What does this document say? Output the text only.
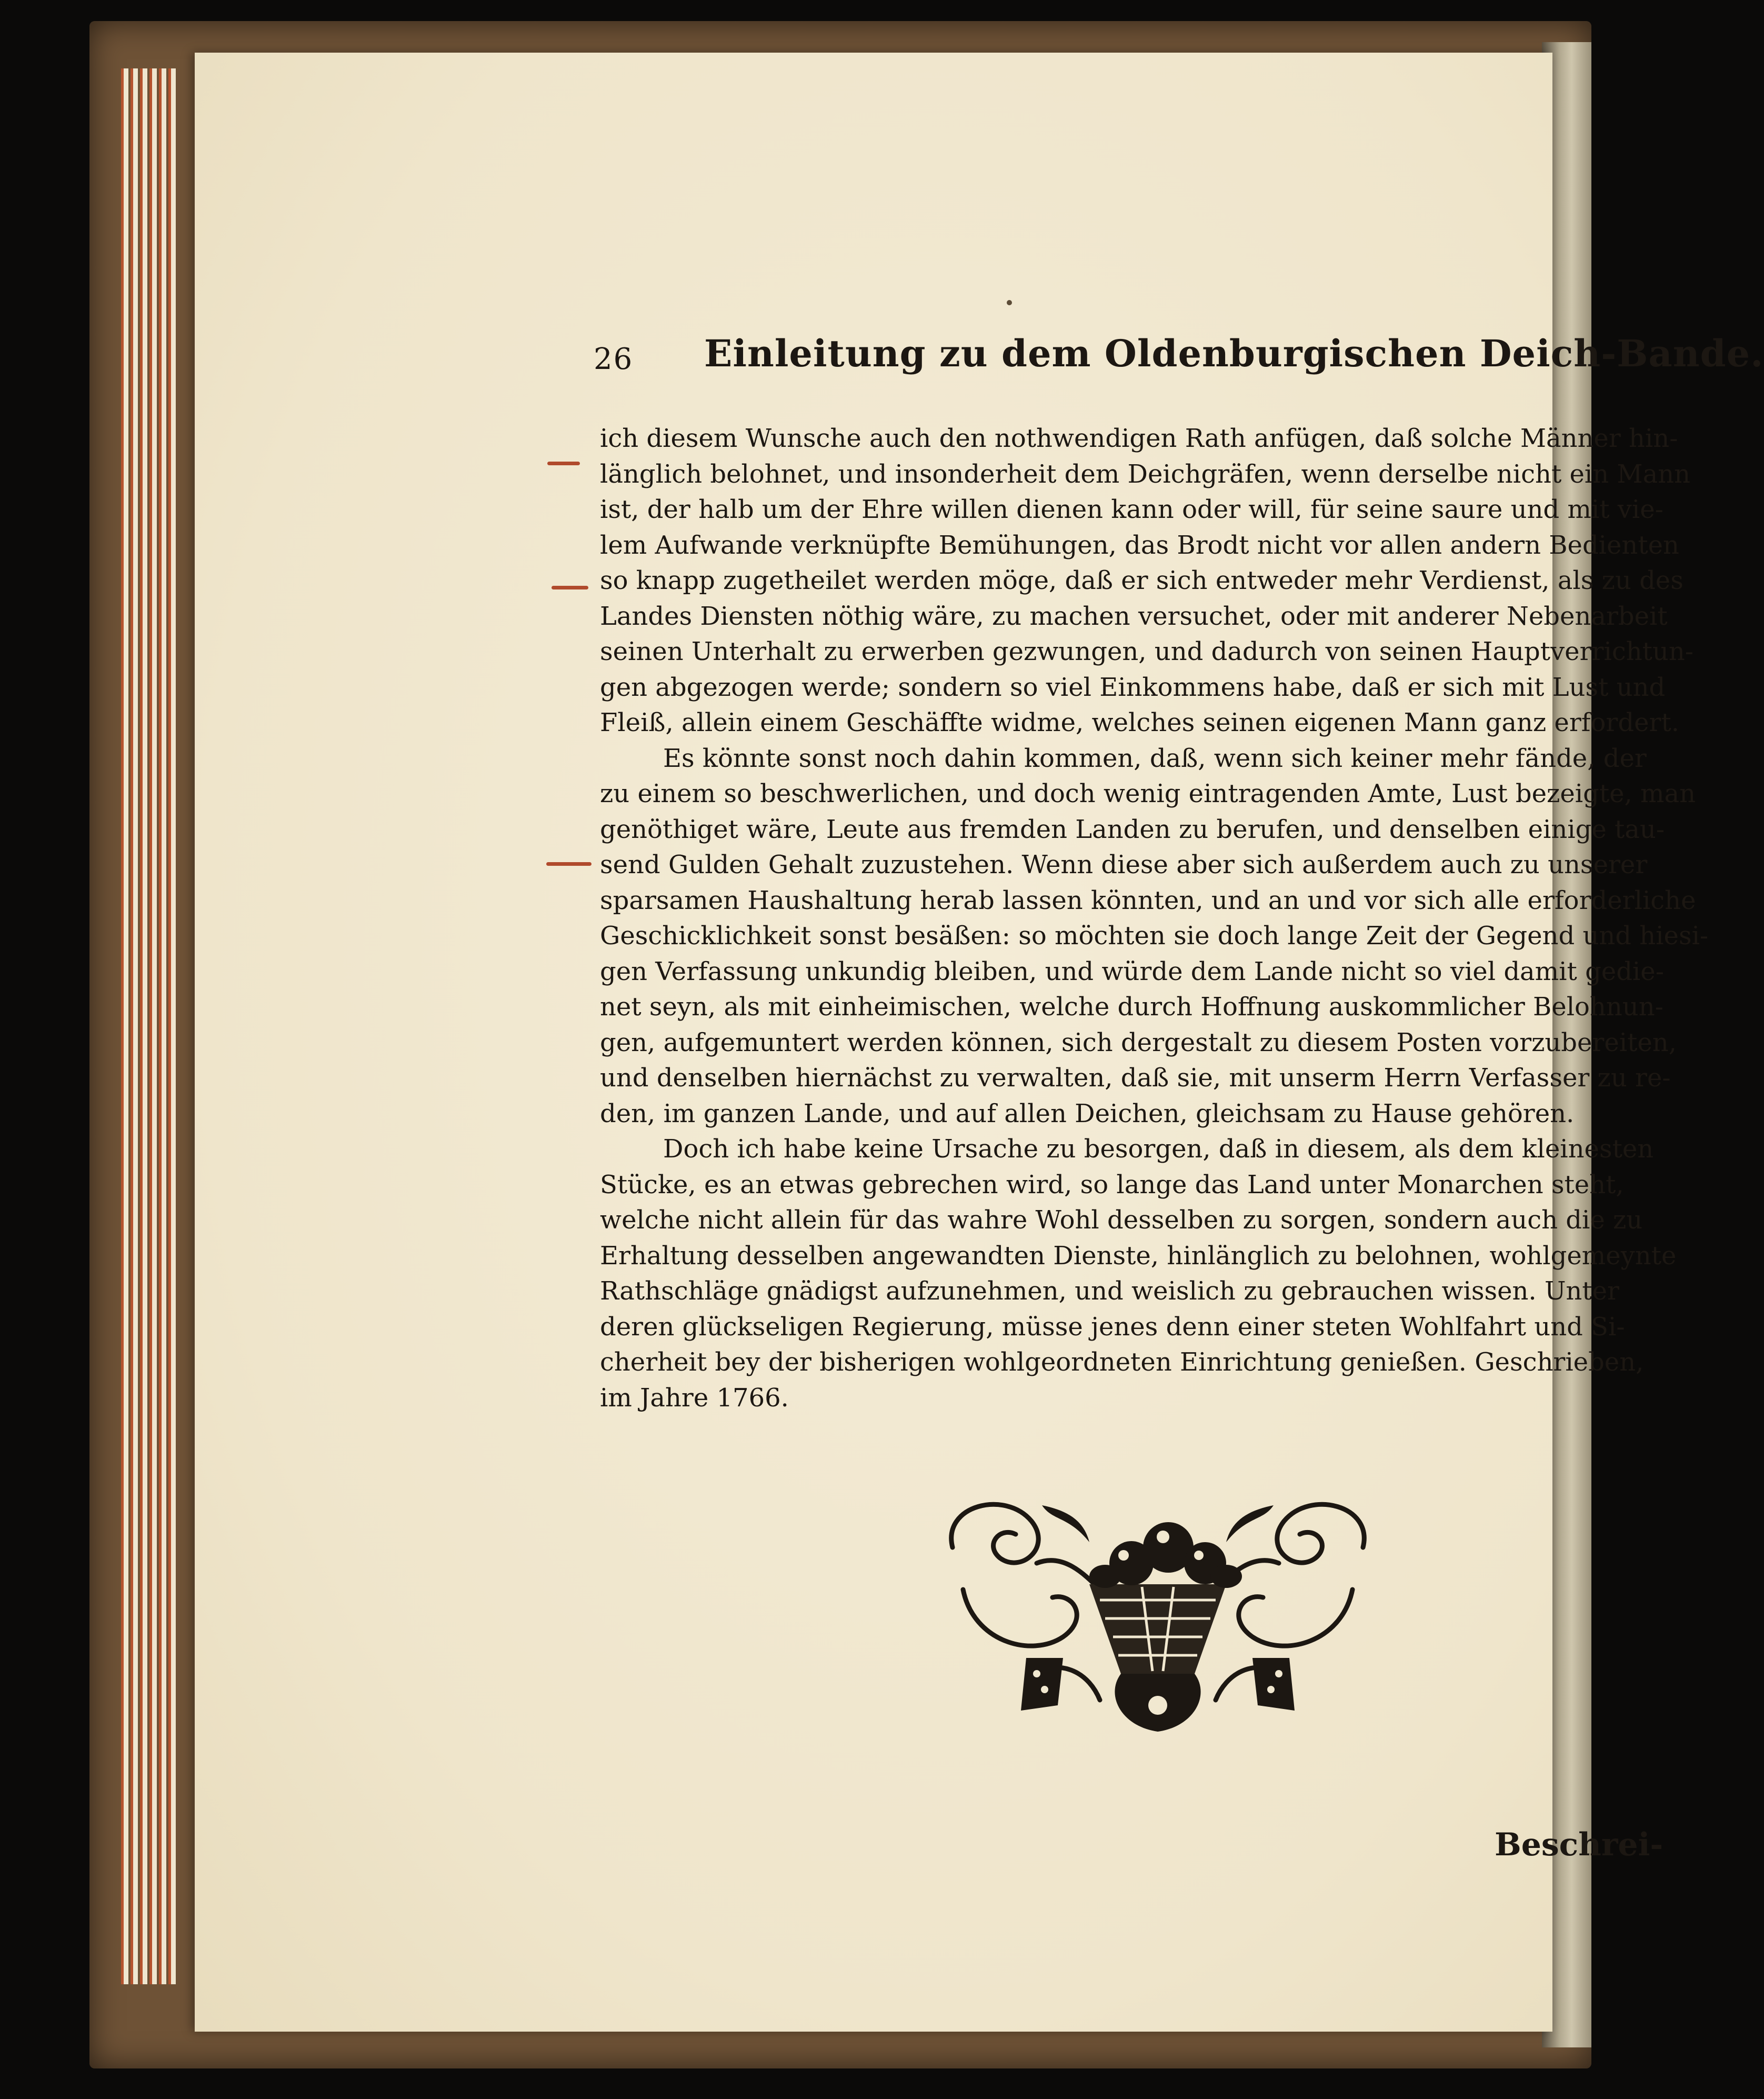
26 Einleitung zu dem Oldenburgischen Deich-Bande.
ich diesem Wunsche auch den nothwendigen Rath anfügen, daß solche Männer hin-
länglich belohnet, und insonderheit dem Deichgräfen, wenn derselbe nicht ein Mann
ist, der halb um der Ehre willen dienen kann oder will, für seine saure und mit vie-
lem Aufwande verknüpfte Bemühungen, das Brodt nicht vor allen andern Bedienten
so knapp zugetheilet werden möge, daß er sich entweder mehr Verdienst, als zu des
Landes Diensten nöthig wäre, zu machen versuchet, oder mit anderer Nebenarbeit
seinen Unterhalt zu erwerben gezwungen, und dadurch von seinen Hauptverrichtun-
gen abgezogen werde; sondern so viel Einkommens habe, daß er sich mit Lust und
Fleiß, allein einem Geschäffte widme, welches seinen eigenen Mann ganz erfordert.
Es könnte sonst noch dahin kommen, daß, wenn sich keiner mehr fände, der
zu einem so beschwerlichen, und doch wenig eintragenden Amte, Lust bezeigte, man
genöthiget wäre, Leute aus fremden Landen zu berufen, und denselben einige tau-
send Gulden Gehalt zuzustehen. Wenn diese aber sich außerdem auch zu unserer
sparsamen Haushaltung herab lassen könnten, und an und vor sich alle erforderliche
Geschicklichkeit sonst besäßen: so möchten sie doch lange Zeit der Gegend und hiesi-
gen Verfassung unkundig bleiben, und würde dem Lande nicht so viel damit gedie-
net seyn, als mit einheimischen, welche durch Hoffnung auskommlicher Belohnun-
gen, aufgemuntert werden können, sich dergestalt zu diesem Posten vorzubereiten,
und denselben hiernächst zu verwalten, daß sie, mit unserm Herrn Verfasser zu re-
den, im ganzen Lande, und auf allen Deichen, gleichsam zu Hause gehören.
Doch ich habe keine Ursache zu besorgen, daß in diesem, als dem kleinesten
Stücke, es an etwas gebrechen wird, so lange das Land unter Monarchen steht,
welche nicht allein für das wahre Wohl desselben zu sorgen, sondern auch die zu
Erhaltung desselben angewandten Dienste, hinlänglich zu belohnen, wohlgemeynte
Rathschläge gnädigst aufzunehmen, und weislich zu gebrauchen wissen. Unter
deren glückseligen Regierung, müsse jenes denn einer steten Wohlfahrt und Si-
cherheit bey der bisherigen wohlgeordneten Einrichtung genießen. Geschrieben,
im Jahre 1766.
Beschrei-
